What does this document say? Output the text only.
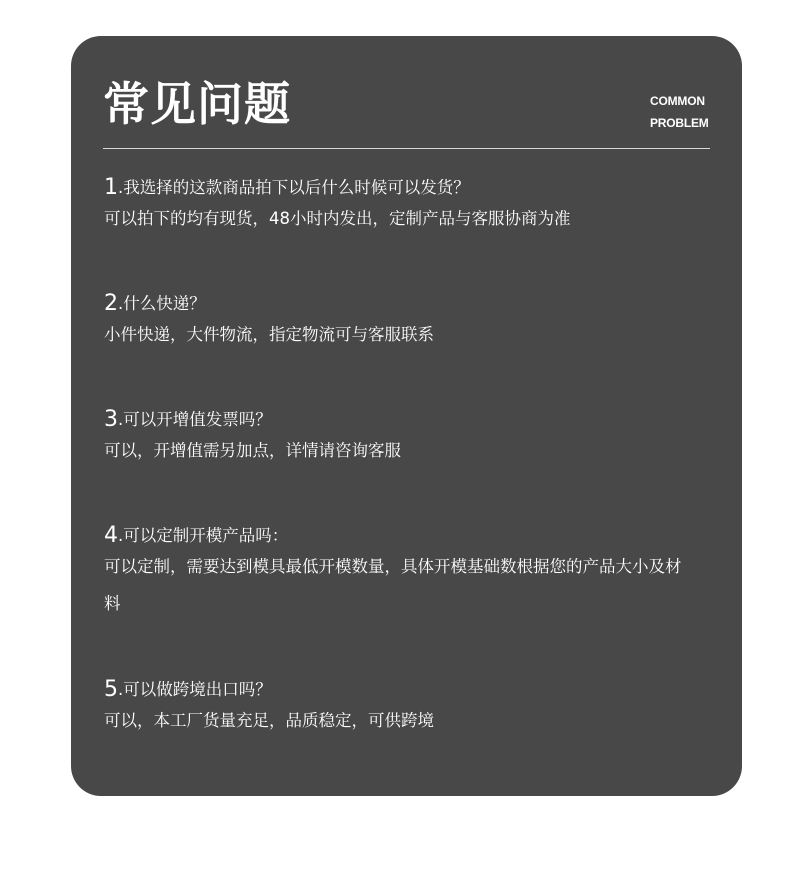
常见问题	COMMON
PROBLEM
1.我选择的这款商品拍下以后什么时候可以发货？
可以拍下的均有现货，48小时内发出，定制产品与客服协商为准
2.什么快递？
小件快递，大件物流，指定物流可与客服联系
3.可以开增值发票吗？
可以，开增值需另加点，详情请咨询客服
4.可以定制开模产品吗：
可以定制，需要达到模具最低开模数量，具体开模基础数根据您的产品大小及材料
5.可以做跨境出口吗？
可以，本工厂货量充足，品质稳定，可供跨境
